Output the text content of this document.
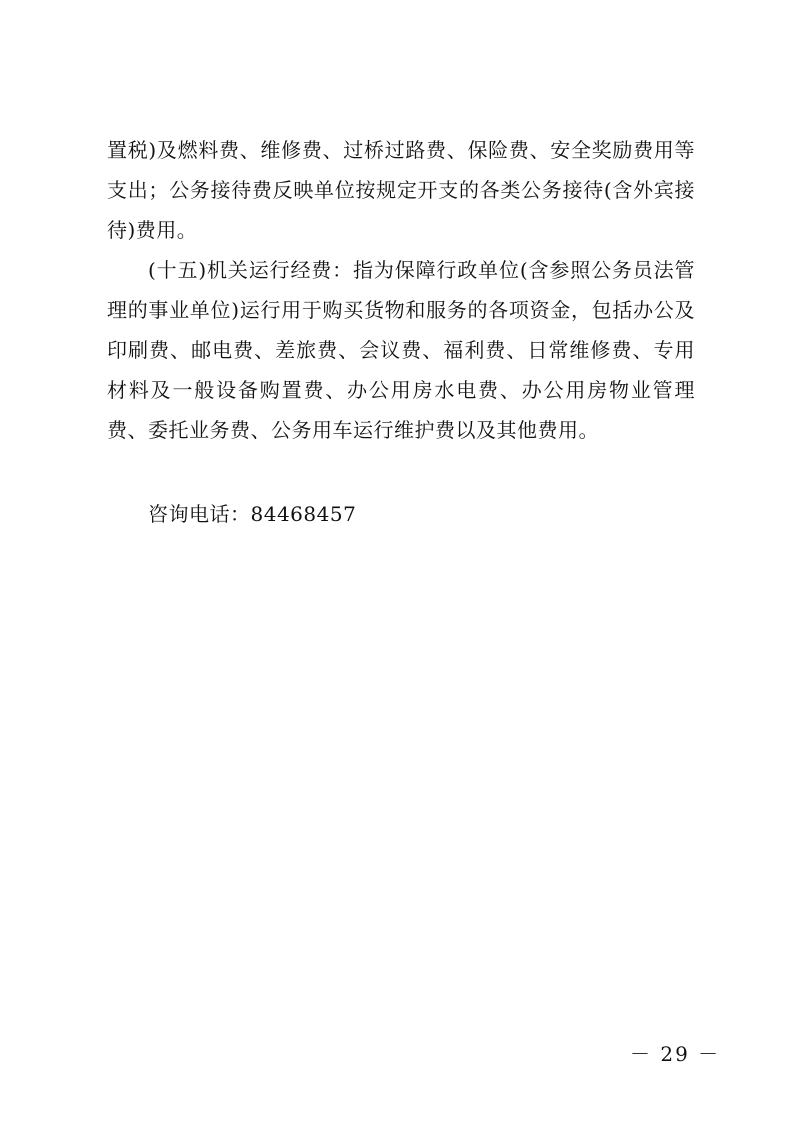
置税)及燃料费、维修费、过桥过路费、保险费、安全奖励费用等支出；公务接待费反映单位按规定开支的各类公务接待(含外宾接待)费用。

(十五)机关运行经费：指为保障行政单位(含参照公务员法管理的事业单位)运行用于购买货物和服务的各项资金，包括办公及印刷费、邮电费、差旅费、会议费、福利费、日常维修费、专用材料及一般设备购置费、办公用房水电费、办公用房物业管理费、委托业务费、公务用车运行维护费以及其他费用。

咨询电话：84468457

－ 29 －
